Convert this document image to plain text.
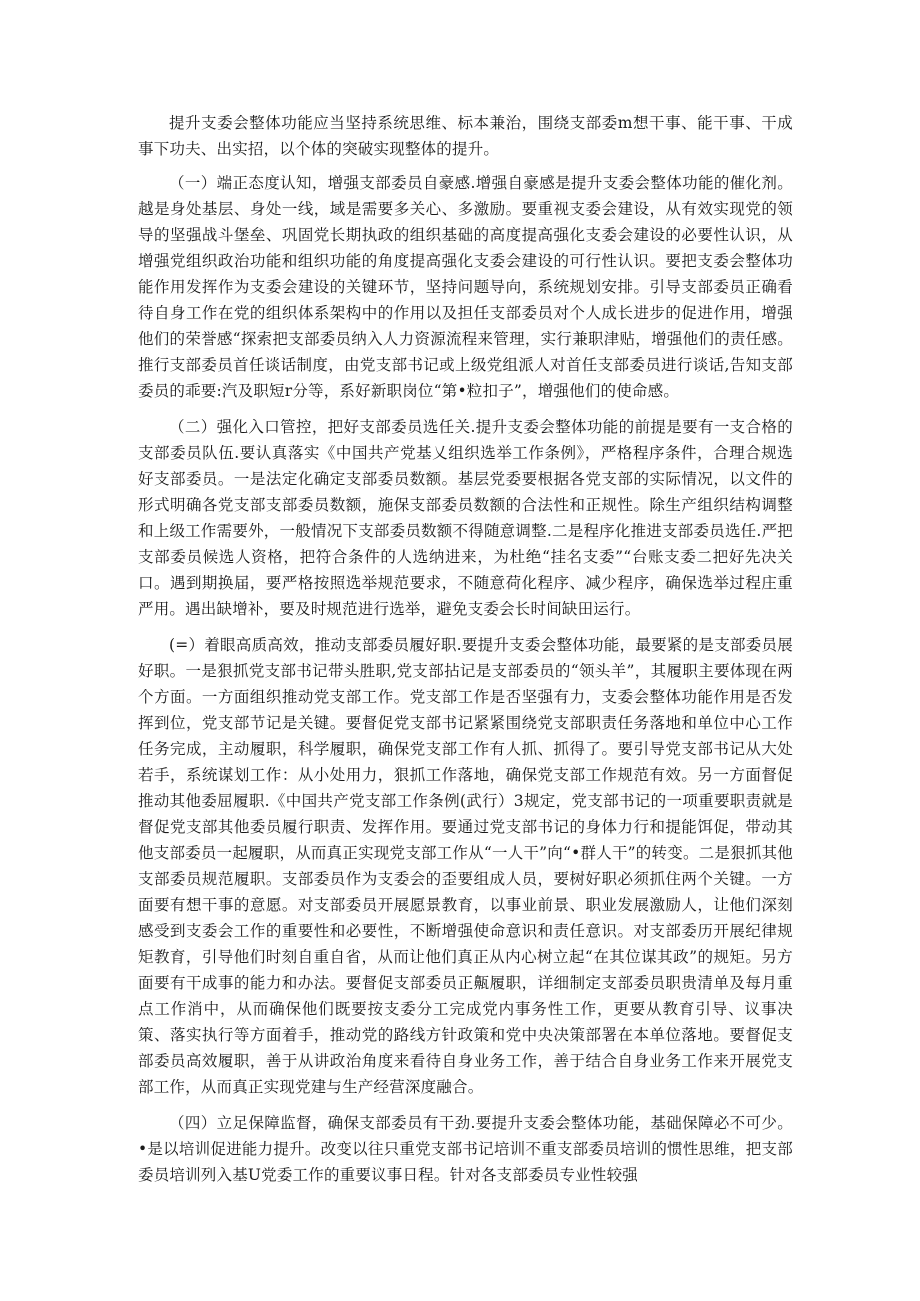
提升支委会整体功能应当坚持系统思维、标本兼治，围绕支部委m想干事、能干事、干成事下功夫、出实招，以个体的突破实现整体的提升。

（一）端正态度认知，增强支部委员自豪感.增强自豪感是提升支委会整体功能的催化剂。越是身处基层、身处一线，域是需要多关心、多激励。要重视支委会建设，从有效实现党的领导的坚强战斗堡垒、巩固党长期执政的组织基础的高度提高强化支委会建设的必要性认识，从增强党组织政治功能和组织功能的角度提高强化支委会建设的可行性认识。要把支委会整体功能作用发挥作为支委会建设的关键环节，坚持问题导向，系统规划安排。引导支部委员正确看待自身工作在党的组织体系架构中的作用以及担任支部委员对个人成长进步的促进作用，增强他们的荣誉感“探索把支部委员纳入人力资源流程来管理，实行兼职津贴，增强他们的责任感。推行支部委员首任谈话制度，由党支部书记或上级党组派人对首任支部委员进行谈话,告知支部委员的乖要:汽及职短r分等，系好新职岗位“第•粒扣子”，增强他们的使命感。

（二）强化入口管控，把好支部委员选任关.提升支委会整体功能的前提是要有一支合格的支部委员队伍.要认真落实《中国共产党基乂组织选举工作条例》，严格程序条件，合理合规选好支部委员。一是法定化确定支部委员数额。基层党委要根据各党支部的实际情况，以文件的形式明确各党支部支部委员数额，施保支部委员数额的合法性和正规性。除生产组织结构调整和上级工作需要外，一般情况下支部委员数额不得随意调整.二是程序化推进支部委员选任.严把支部委员候选人资格，把符合条件的人选纳进来，为杜绝“挂名支委”“台账支委二把好先决关口。遇到期换届，要严格按照选举规范要求，不随意荷化程序、减少程序，确保选举过程庄重严用。遇出缺增补，要及时规范进行选举，避免支委会长时间缺田运行。

(=）着眼高质高效，推动支部委员履好职.要提升支委会整体功能，最要紧的是支部委员展好职。一是狠抓党支部书记带头胜职,党支部拈记是支部委员的“领头羊”，其履职主要体现在两个方面。一方面组织推动党支部工作。党支部工作是否坚强有力，支委会整体功能作用是否发挥到位，党支部节记是关键。要督促党支部书记紧紧围绕党支部职责任务落地和单位中心工作任务完成，主动履职，科学履职，确保党支部工作有人抓、抓得了。要引导党支部书记从大处若手，系统谋划工作：从小处用力，狠抓工作落地，确保党支部工作规范有效。另一方面督促推动其他委屈履职.《中国共产党支部工作条例(武行）3规定，党支部书记的一项重要职责就是督促党支部其他委员履行职责、发挥作用。要通过党支部书记的身体力行和提能饵促，带动其他支部委员一起履职，从而真正实现党支部工作从“一人干”向“•群人干”的转变。二是狠抓其他支部委员规范履职。支部委员作为支委会的歪要组成人员，要树好职必须抓住两个关键。一方面要有想干事的意愿。对支部委员开展愿景教育，以事业前景、职业发展激励人，让他们深刻感受到支委会工作的重要性和必要性，不断增强使命意识和责任意识。对支部委历开展纪律规矩教育，引导他们时刻自重自省，从而让他们真正从内心树立起“在其位谋其政”的规矩。另方面要有干成事的能力和办法。要督促支部委员正齀履职，详细制定支部委员职贵清单及每月重点工作消中，从而确保他们既要按支委分工完成党内事务性工作，更要从教育引导、议事决策、落实执行等方面着手，推动党的路线方针政策和党中央决策部署在本单位落地。要督促支部委员高效履职，善于从讲政治角度来看待自身业务工作，善于结合自身业务工作来开展党支部工作，从而真正实现党建与生产经营深度融合。

（四）立足保障监督，确保支部委员有干劲.要提升支委会整体功能，基础保障必不可少。•是以培训促进能力提升。改变以往只重党支部书记培训不重支部委员培训的惯性思维，把支部委员培训列入基U党委工作的重要议事日程。针对各支部委员专业性较强
